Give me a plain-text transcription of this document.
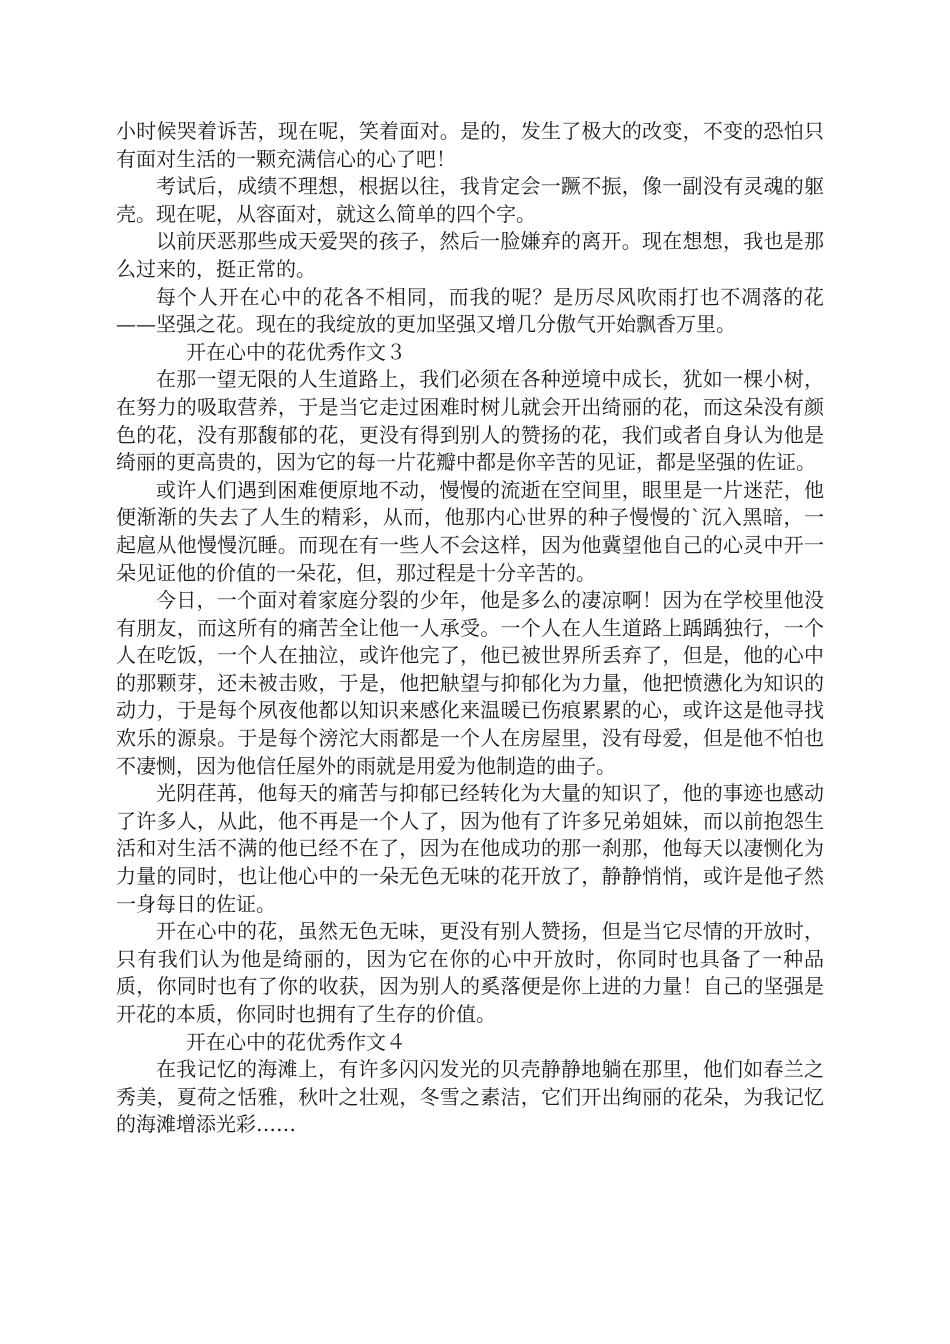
小时候哭着诉苦，现在呢，笑着面对。是的，发生了极大的改变，不变的恐怕只有面对生活的一颗充满信心的心了吧！

考试后，成绩不理想，根据以往，我肯定会一蹶不振，像一副没有灵魂的躯壳。现在呢，从容面对，就这么简单的四个字。

以前厌恶那些成天爱哭的孩子，然后一脸嫌弃的离开。现在想想，我也是那么过来的，挺正常的。

每个人开在心中的花各不相同，而我的呢？是历尽风吹雨打也不凋落的花——坚强之花。现在的我绽放的更加坚强又增几分傲气开始飘香万里。

开在心中的花优秀作文３

在那一望无限的人生道路上，我们必须在各种逆境中成长，犹如一棵小树，在努力的吸取营养，于是当它走过困难时树儿就会开出绮丽的花，而这朵没有颜色的花，没有那馥郁的花，更没有得到别人的赞扬的花，我们或者自身认为他是绮丽的更高贵的，因为它的每一片花瓣中都是你辛苦的见证，都是坚强的佐证。

或许人们遇到困难便原地不动，慢慢的流逝在空间里，眼里是一片迷茫，他便渐渐的失去了人生的精彩，从而，他那内心世界的种子慢慢的`沉入黑暗，一起扈从他慢慢沉睡。而现在有一些人不会这样，因为他冀望他自己的心灵中开一朵见证他的价值的一朵花，但，那过程是十分辛苦的。

今日，一个面对着家庭分裂的少年，他是多么的凄凉啊！因为在学校里他没有朋友，而这所有的痛苦全让他一人承受。一个人在人生道路上踽踽独行，一个人在吃饭，一个人在抽泣，或许他完了，他已被世界所丢弃了，但是，他的心中的那颗芽，还未被击败，于是，他把觖望与抑郁化为力量，他把愤懑化为知识的动力，于是每个夙夜他都以知识来感化来温暖已伤痕累累的心，或许这是他寻找欢乐的源泉。于是每个滂沱大雨都是一个人在房屋里，没有母爱，但是他不怕也不凄恻，因为他信任屋外的雨就是用爱为他制造的曲子。

光阴荏苒，他每天的痛苦与抑郁已经转化为大量的知识了，他的事迹也感动了许多人，从此，他不再是一个人了，因为他有了许多兄弟姐妹，而以前抱怨生活和对生活不满的他已经不在了，因为在他成功的那一刹那，他每天以凄恻化为力量的同时，也让他心中的一朵无色无味的花开放了，静静悄悄，或许是他孑然一身每日的佐证。

开在心中的花，虽然无色无味，更没有别人赞扬，但是当它尽情的开放时，只有我们认为他是绮丽的，因为它在你的心中开放时，你同时也具备了一种品质，你同时也有了你的收获，因为别人的奚落便是你上进的力量！自己的坚强是开花的本质，你同时也拥有了生存的价值。

开在心中的花优秀作文４

在我记忆的海滩上，有许多闪闪发光的贝壳静静地躺在那里，他们如春兰之秀美，夏荷之恬雅，秋叶之壮观，冬雪之素洁，它们开出绚丽的花朵，为我记忆的海滩增添光彩……
